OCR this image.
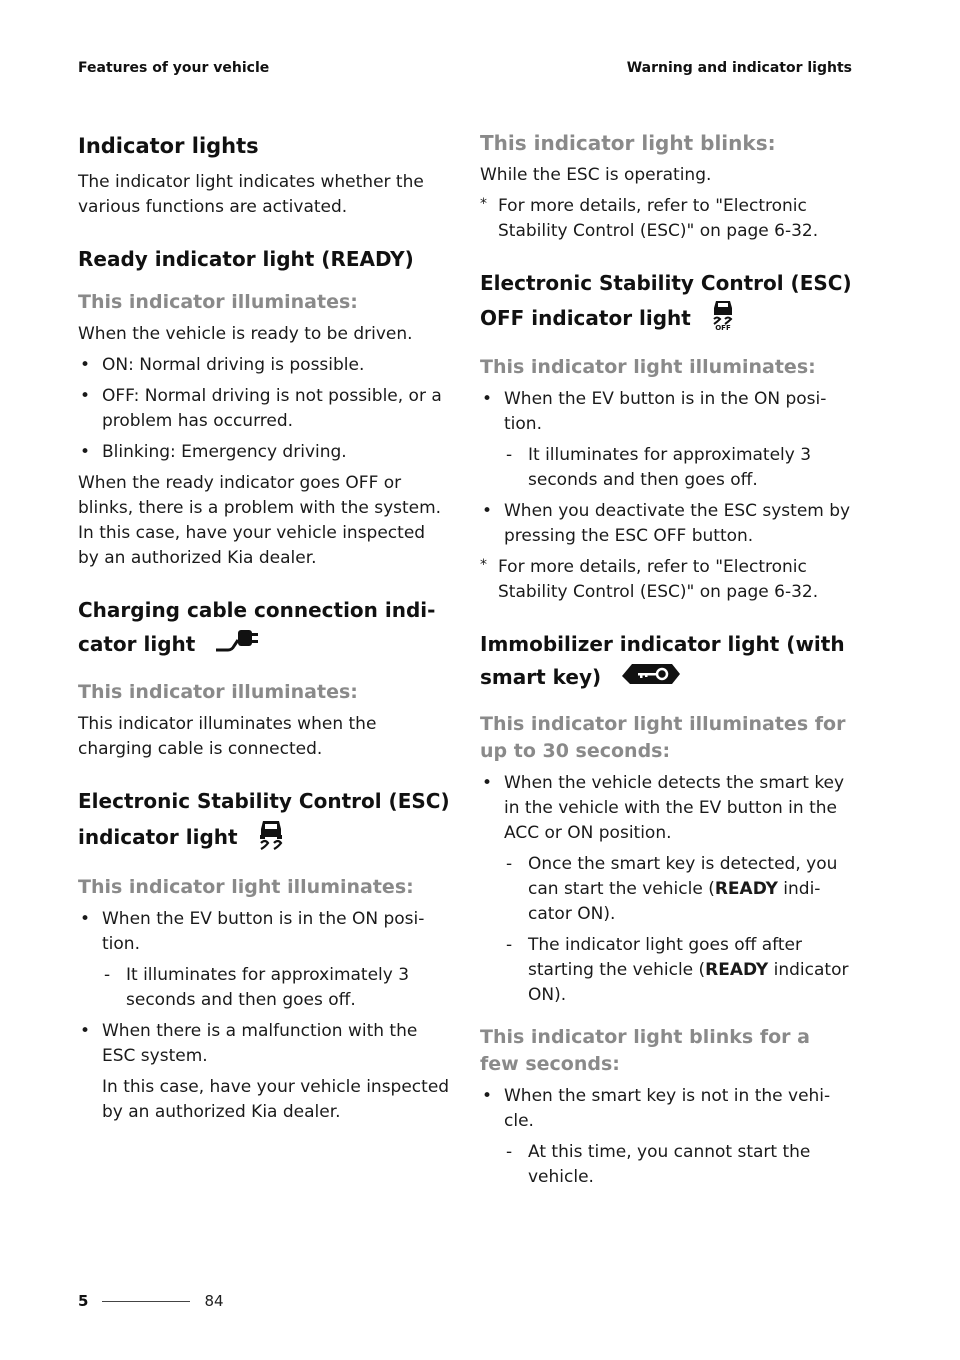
Features of your vehicle	Warning and indicator lights
Indicator lights

The indicator light indicates whether the various functions are activated.

Ready indicator light (READY)
This indicator illuminates:

When the vehicle is ready to be driven.

• ON: Normal driving is possible.
• OFF: Normal driving is not possible, or a problem has occurred.
• Blinking: Emergency driving.

When the ready indicator goes OFF or blinks, there is a problem with the system. In this case, have your vehicle inspected by an authorized Kia dealer.

Charging cable connection indicator light
This indicator illuminates:

This indicator illuminates when the charging cable is connected.

Electronic Stability Control (ESC) indicator light
This indicator light illuminates:
• When the EV button is in the ON position.
- It illuminates for approximately 3 seconds and then goes off.
• When there is a malfunction with the ESC system.
In this case, have your vehicle inspected by an authorized Kia dealer.
This indicator light blinks:

While the ESC is operating.

* For more details, refer to "Electronic Stability Control (ESC)" on page 6-32.
Electronic Stability Control (ESC) OFF indicator light	OFF
This indicator light illuminates:
• When the EV button is in the ON position.
- It illuminates for approximately 3 seconds and then goes off.
• When you deactivate the ESC system by pressing the ESC OFF button.
* For more details, refer to "Electronic Stability Control (ESC)" on page 6-32.
Immobilizer indicator light (with smart key)
This indicator light illuminates for up to 30 seconds:
• When the vehicle detects the smart key in the vehicle with the EV button in the ACC or ON position.
- Once the smart key is detected, you can start the vehicle (READY indicator ON).
- The indicator light goes off after starting the vehicle (READY indicator ON).
This indicator light blinks for a few seconds:
• When the smart key is not in the vehicle.
- At this time, you cannot start the vehicle.
5	84
